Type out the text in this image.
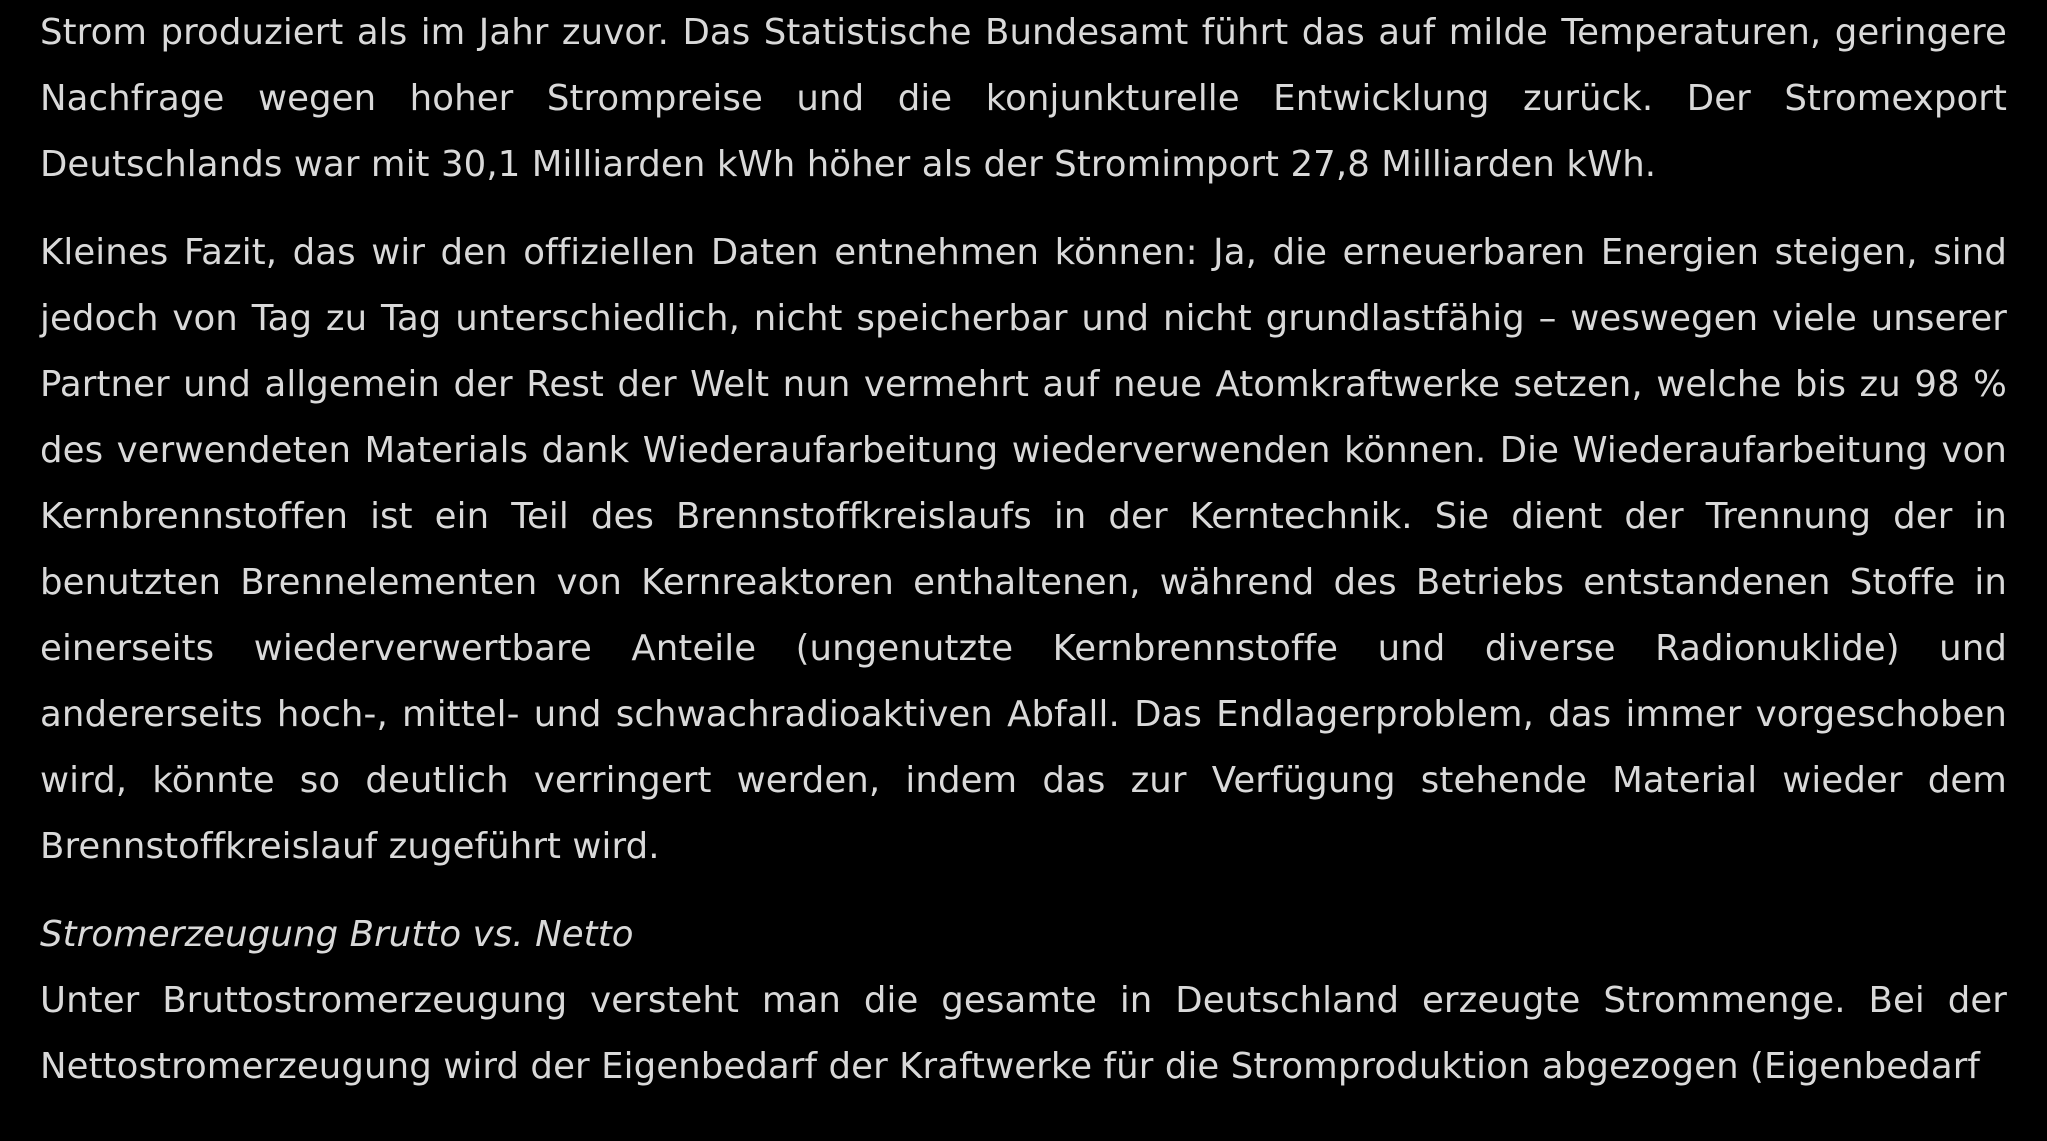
Strom produziert als im Jahr zuvor. Das Statistische Bundesamt führt das auf milde Temperaturen, geringere Nachfrage wegen hoher Strompreise und die konjunkturelle Entwicklung zurück. Der Stromexport Deutschlands war mit 30,1 Milliarden kWh höher als der Stromimport 27,8 Milliarden kWh.

Kleines Fazit, das wir den offiziellen Daten entnehmen können: Ja, die erneuerbaren Energien steigen, sind jedoch von Tag zu Tag unterschiedlich, nicht speicherbar und nicht grundlastfähig – weswegen viele unserer Partner und allgemein der Rest der Welt nun vermehrt auf neue Atomkraftwerke setzen, welche bis zu 98 % des verwendeten Materials dank Wiederaufarbeitung wiederverwenden können. Die Wiederaufarbeitung von Kernbrennstoffen ist ein Teil des Brennstoffkreislaufs in der Kerntechnik. Sie dient der Trennung der in benutzten Brennelementen von Kernreaktoren enthaltenen, während des Betriebs entstandenen Stoffe in einerseits wiederverwertbare Anteile (ungenutzte Kernbrennstoffe und diverse Radionuklide) und andererseits hoch-, mittel- und schwachradioaktiven Abfall. Das Endlagerproblem, das immer vorgeschoben wird, könnte so deutlich verringert werden, indem das zur Verfügung stehende Material wieder dem Brennstoffkreislauf zugeführt wird.

Stromerzeugung Brutto vs. Netto

Unter Bruttostromerzeugung versteht man die gesamte in Deutschland erzeugte Strommenge. Bei der Nettostromerzeugung wird der Eigenbedarf der Kraftwerke für die Stromproduktion abgezogen (Eigenbedarf
